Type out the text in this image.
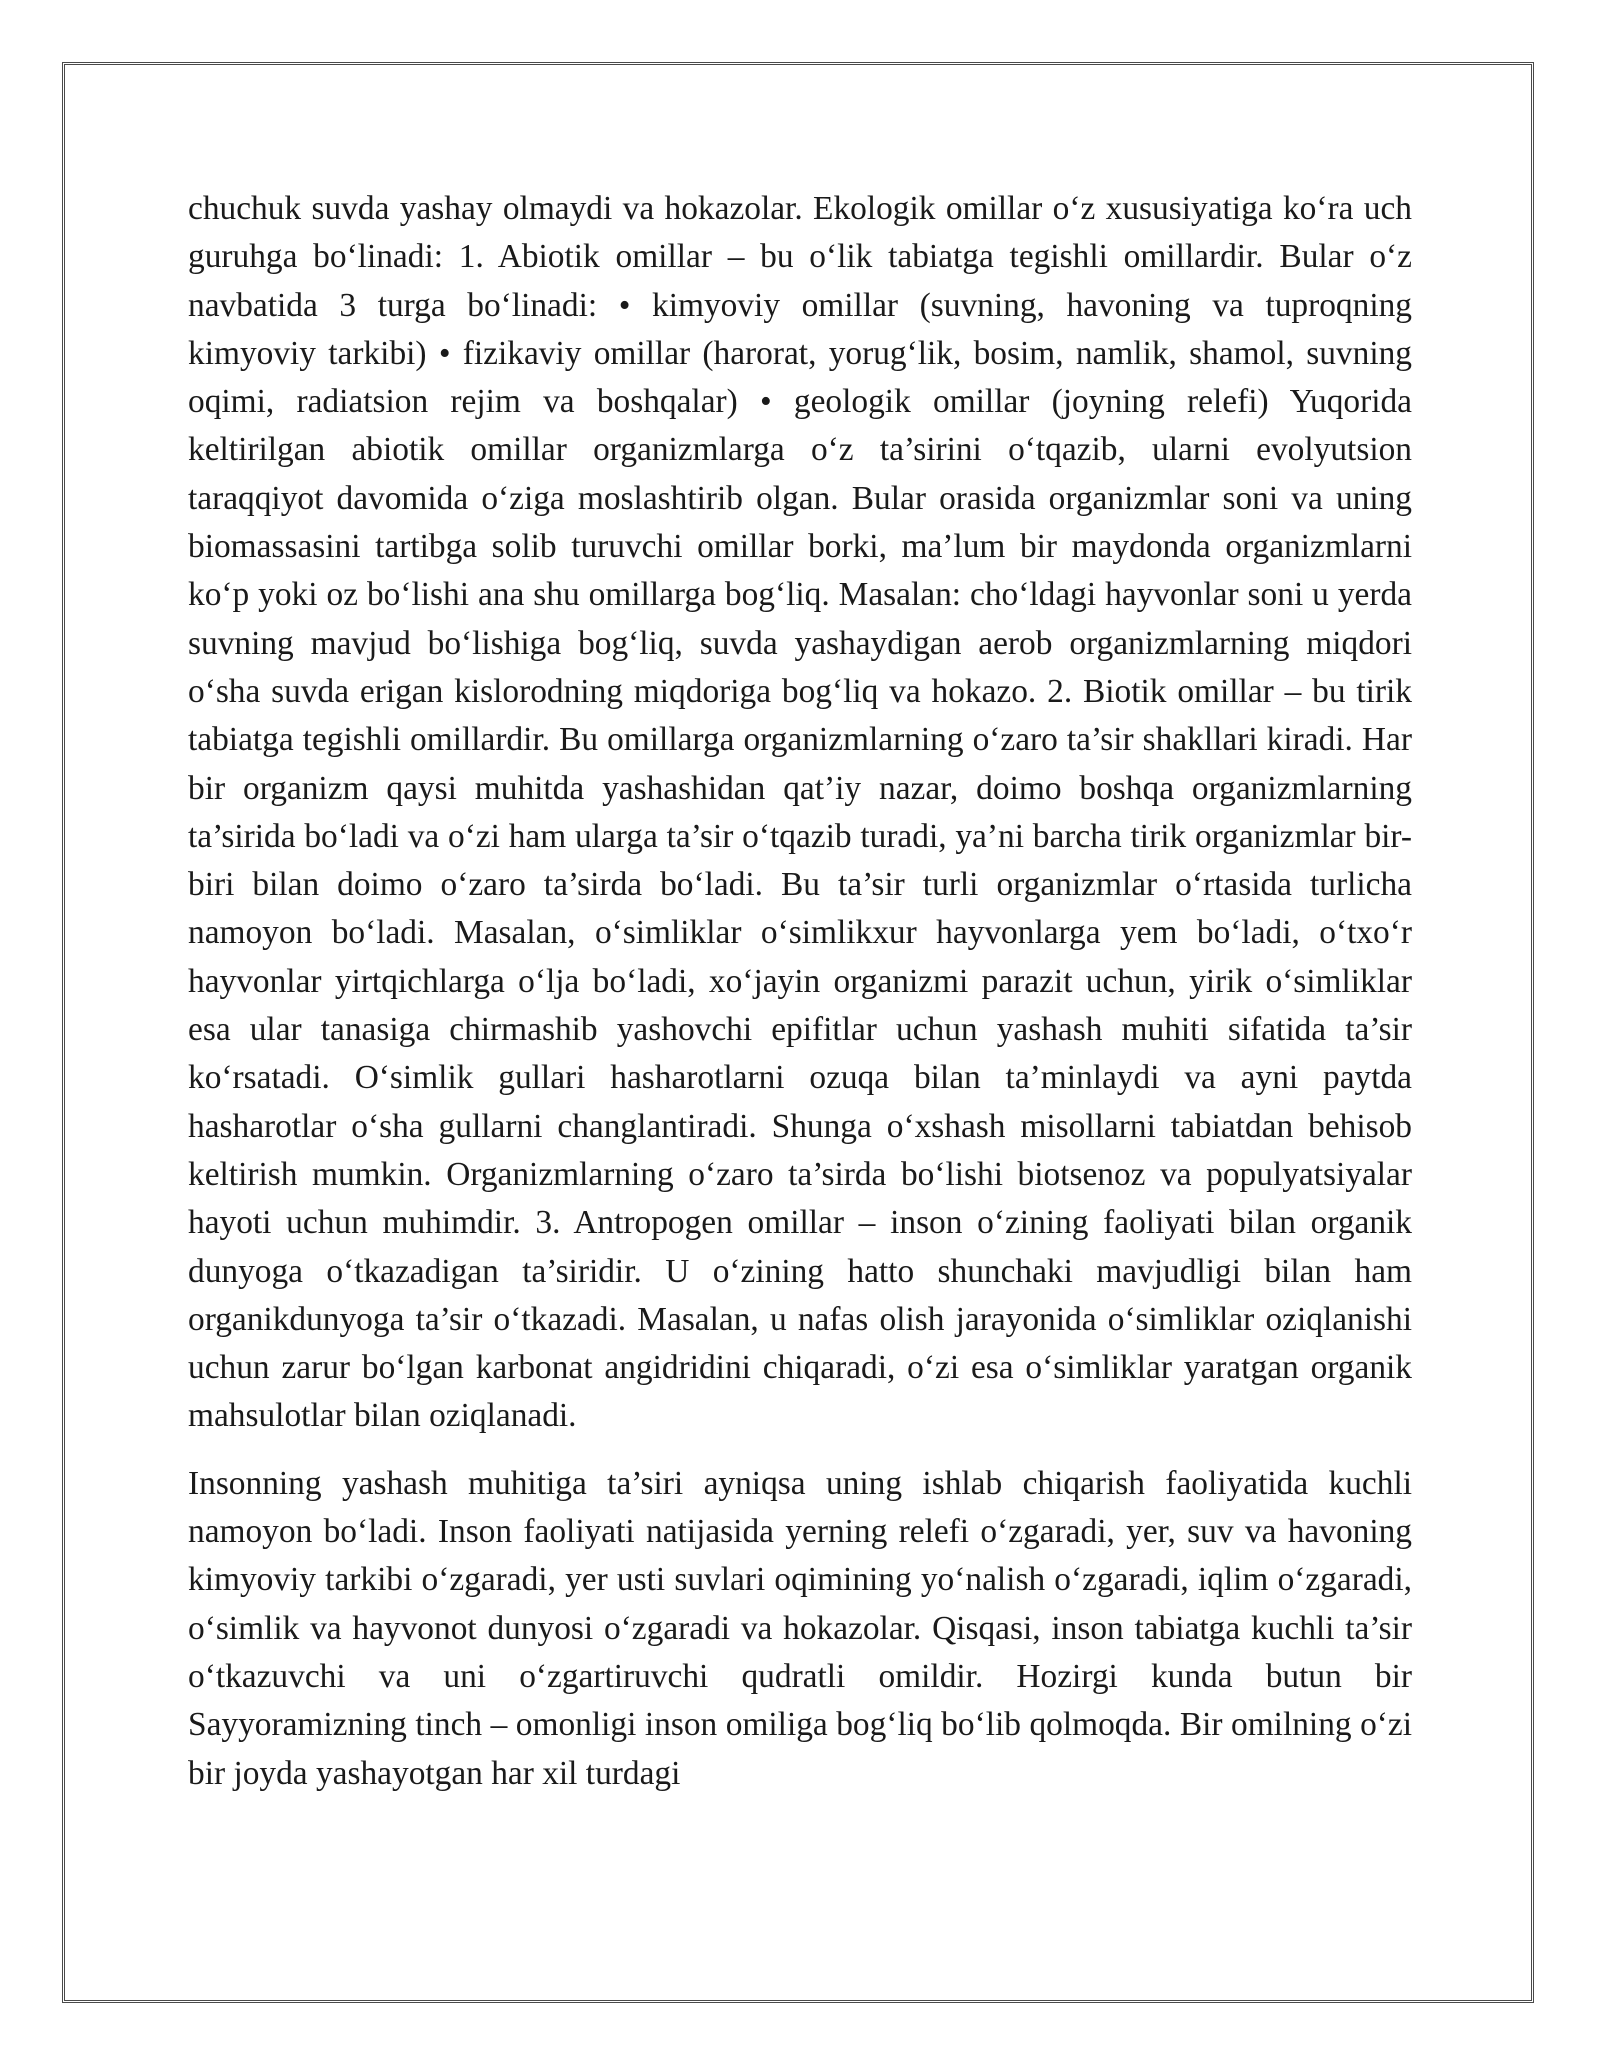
chuchuk suvda yashay olmaydi va hokazolar. Ekologik omillar o‘z xususiyatiga ko‘ra uch guruhga bo‘linadi: 1. Abiotik omillar – bu o‘lik tabiatga tegishli omillardir. Bular o‘z navbatida 3 turga bo‘linadi: • kimyoviy omillar (suvning, havoning va tuproqning kimyoviy tarkibi) • fizikaviy omillar (harorat, yorug‘lik, bosim, namlik, shamol, suvning oqimi, radiatsion rejim va boshqalar) • geologik omillar (joyning relefi) Yuqorida keltirilgan abiotik omillar organizmlarga o‘z ta’sirini o‘tqazib, ularni evolyutsion taraqqiyot davomida o‘ziga moslashtirib olgan. Bular orasida organizmlar soni va uning biomassasini tartibga solib turuvchi omillar borki, ma’lum bir maydonda organizmlarni ko‘p yoki oz bo‘lishi ana shu omillarga bog‘liq. Masalan: cho‘ldagi hayvonlar soni u yerda suvning mavjud bo‘lishiga bog‘liq, suvda yashaydigan aerob organizmlarning miqdori o‘sha suvda erigan kislorodning miqdoriga bog‘liq va hokazo. 2. Biotik omillar – bu tirik tabiatga tegishli omillardir. Bu omillarga organizmlarning o‘zaro ta’sir shakllari kiradi. Har bir organizm qaysi muhitda yashashidan qat’iy nazar, doimo boshqa organizmlarning ta’sirida bo‘ladi va o‘zi ham ularga ta’sir o‘tqazib turadi, ya’ni barcha tirik organizmlar bir-biri bilan doimo o‘zaro ta’sirda bo‘ladi. Bu ta’sir turli organizmlar o‘rtasida turlicha namoyon bo‘ladi. Masalan, o‘simliklar o‘simlikxur hayvonlarga yem bo‘ladi, o‘txo‘r hayvonlar yirtqichlarga o‘lja bo‘ladi, xo‘jayin organizmi parazit uchun, yirik o‘simliklar esa ular tanasiga chirmashib yashovchi epifitlar uchun yashash muhiti sifatida ta’sir ko‘rsatadi. O‘simlik gullari hasharotlarni ozuqa bilan ta’minlaydi va ayni paytda hasharotlar o‘sha gullarni changlantiradi. Shunga o‘xshash misollarni tabiatdan behisob keltirish mumkin. Organizmlarning o‘zaro ta’sirda bo‘lishi biotsenoz va populyatsiyalar hayoti uchun muhimdir. 3. Antropogen omillar – inson o‘zining faoliyati bilan organik dunyoga o‘tkazadigan ta’siridir. U o‘zining hatto shunchaki mavjudligi bilan ham organikdunyoga ta’sir o‘tkazadi. Masalan, u nafas olish jarayonida o‘simliklar oziqlanishi uchun zarur bo‘lgan karbonat angidridini chiqaradi, o‘zi esa o‘simliklar yaratgan organik mahsulotlar bilan oziqlanadi.

Insonning yashash muhitiga ta’siri ayniqsa uning ishlab chiqarish faoliyatida kuchli namoyon bo‘ladi. Inson faoliyati natijasida yerning relefi o‘zgaradi, yer, suv va havoning kimyoviy tarkibi o‘zgaradi, yer usti suvlari oqimining yo‘nalish o‘zgaradi, iqlim o‘zgaradi, o‘simlik va hayvonot dunyosi o‘zgaradi va hokazolar. Qisqasi, inson tabiatga kuchli ta’sir o‘tkazuvchi va uni o‘zgartiruvchi qudratli omildir. Hozirgi kunda butun bir Sayyoramizning tinch – omonligi inson omiliga bog‘liq bo‘lib qolmoqda. Bir omilning o‘zi bir joyda yashayotgan har xil turdagi
